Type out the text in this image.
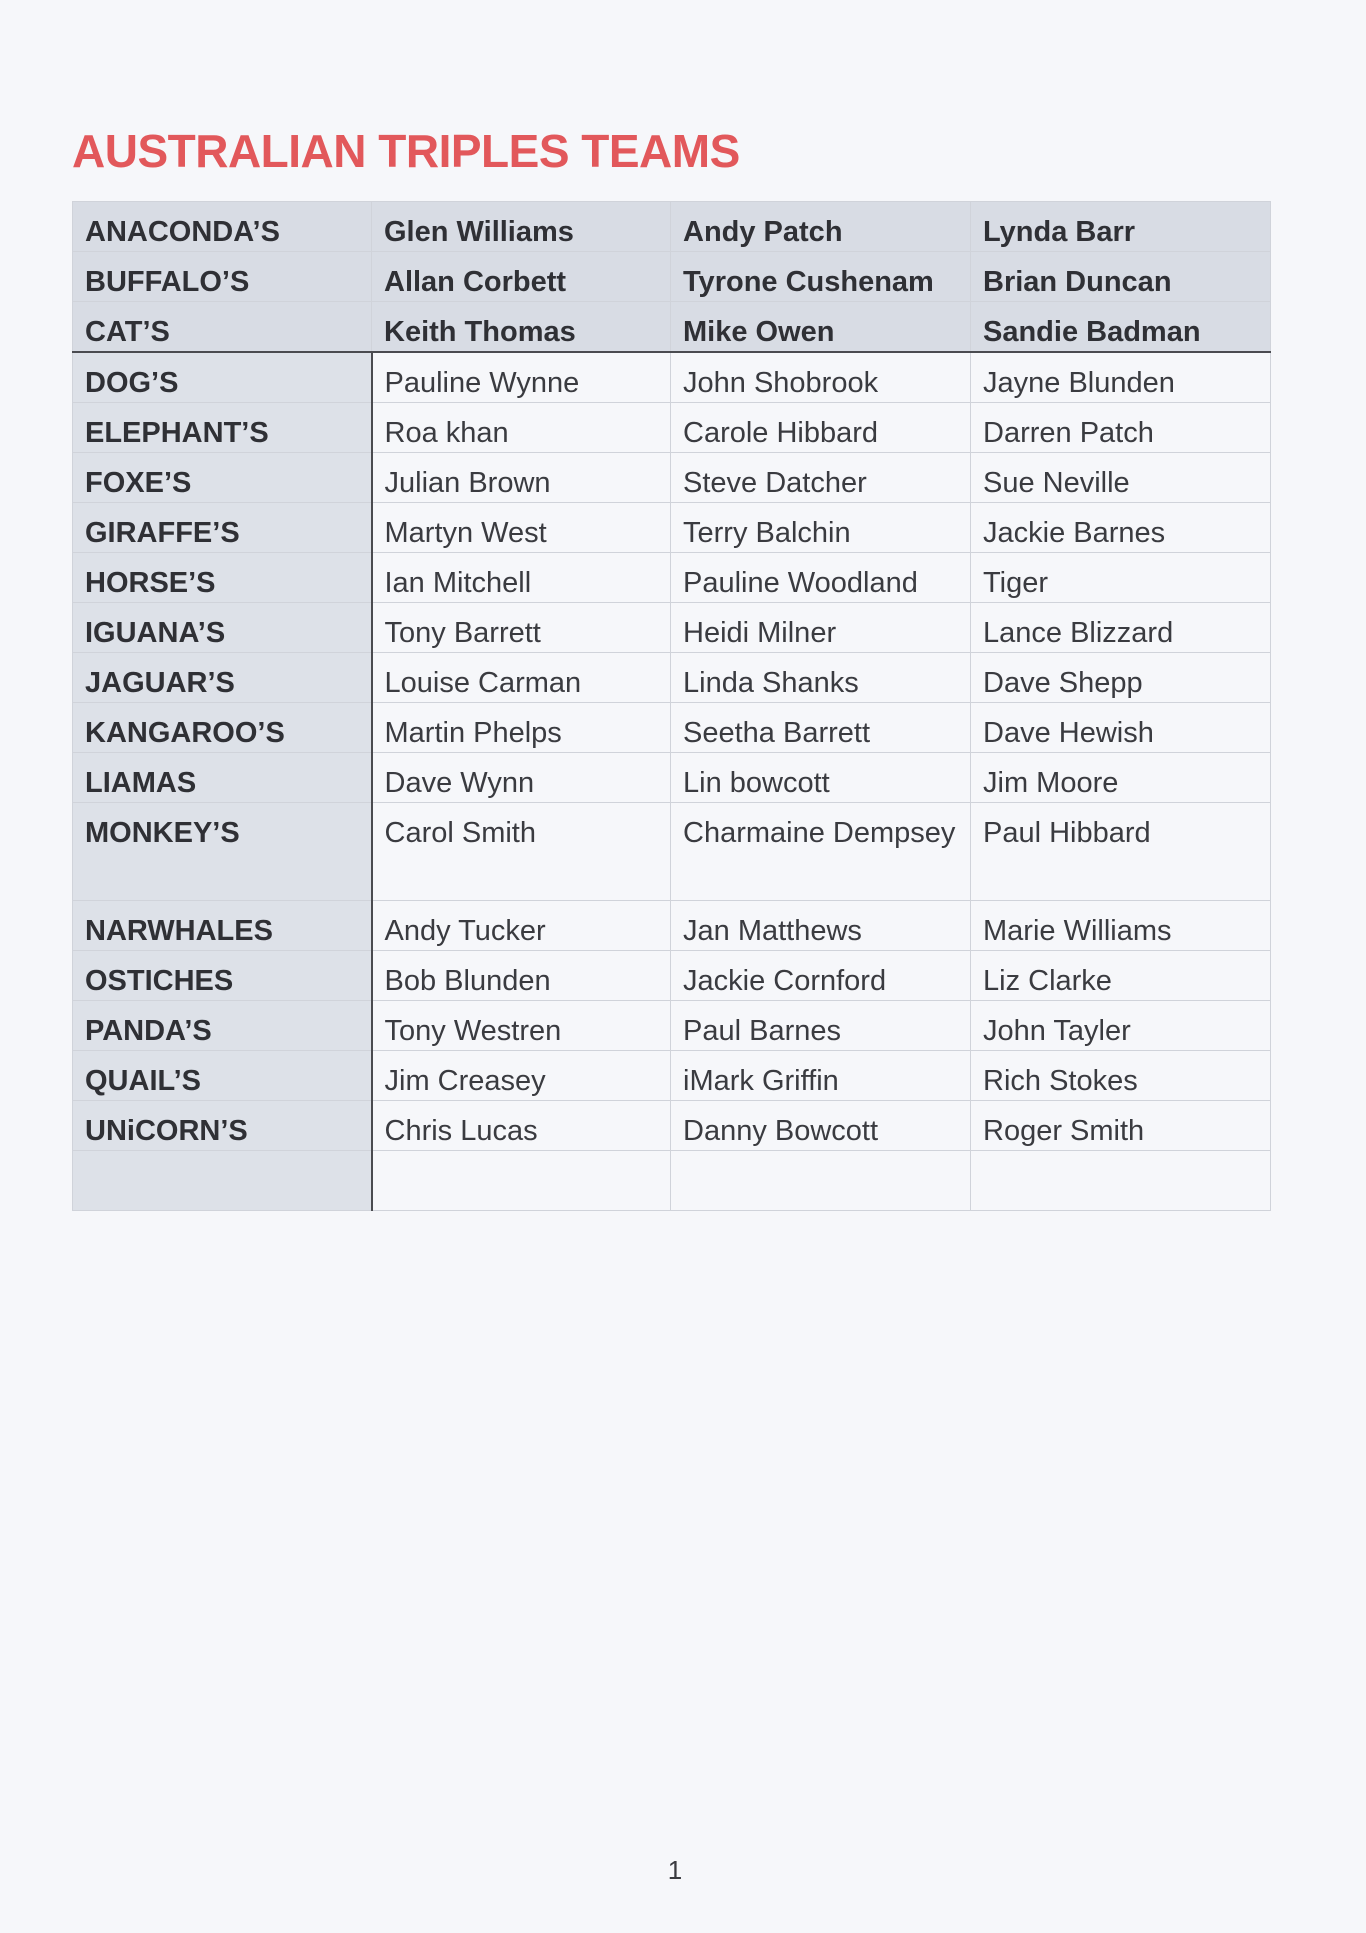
AUSTRALIAN TRIPLES TEAMS
ANACONDA’S	Glen Williams	Andy Patch	Lynda Barr
BUFFALO’S	Allan Corbett	Tyrone Cushenam	Brian Duncan
CAT’S	Keith Thomas	Mike Owen	Sandie Badman
DOG’S	Pauline Wynne	John Shobrook	Jayne Blunden
ELEPHANT’S	Roa khan	Carole Hibbard	Darren Patch
FOXE’S	Julian Brown	Steve Datcher	Sue Neville
GIRAFFE’S	Martyn West	Terry Balchin	Jackie Barnes
HORSE’S	Ian Mitchell	Pauline Woodland	Tiger
IGUANA’S	Tony Barrett	Heidi Milner	Lance Blizzard
JAGUAR’S	Louise Carman	Linda Shanks	Dave Shepp
KANGAROO’S	Martin Phelps	Seetha Barrett	Dave Hewish
LIAMAS	Dave Wynn	Lin bowcott	Jim Moore
MONKEY’S	Carol Smith	Charmaine Dempsey	Paul Hibbard
NARWHALES	Andy Tucker	Jan Matthews	Marie Williams
OSTICHES	Bob Blunden	Jackie Cornford	Liz Clarke
PANDA’S	Tony Westren	Paul Barnes	John Tayler
QUAIL’S	Jim Creasey	iMark Griffin	Rich Stokes
UNiCORN’S	Chris Lucas	Danny Bowcott	Roger Smith

1
